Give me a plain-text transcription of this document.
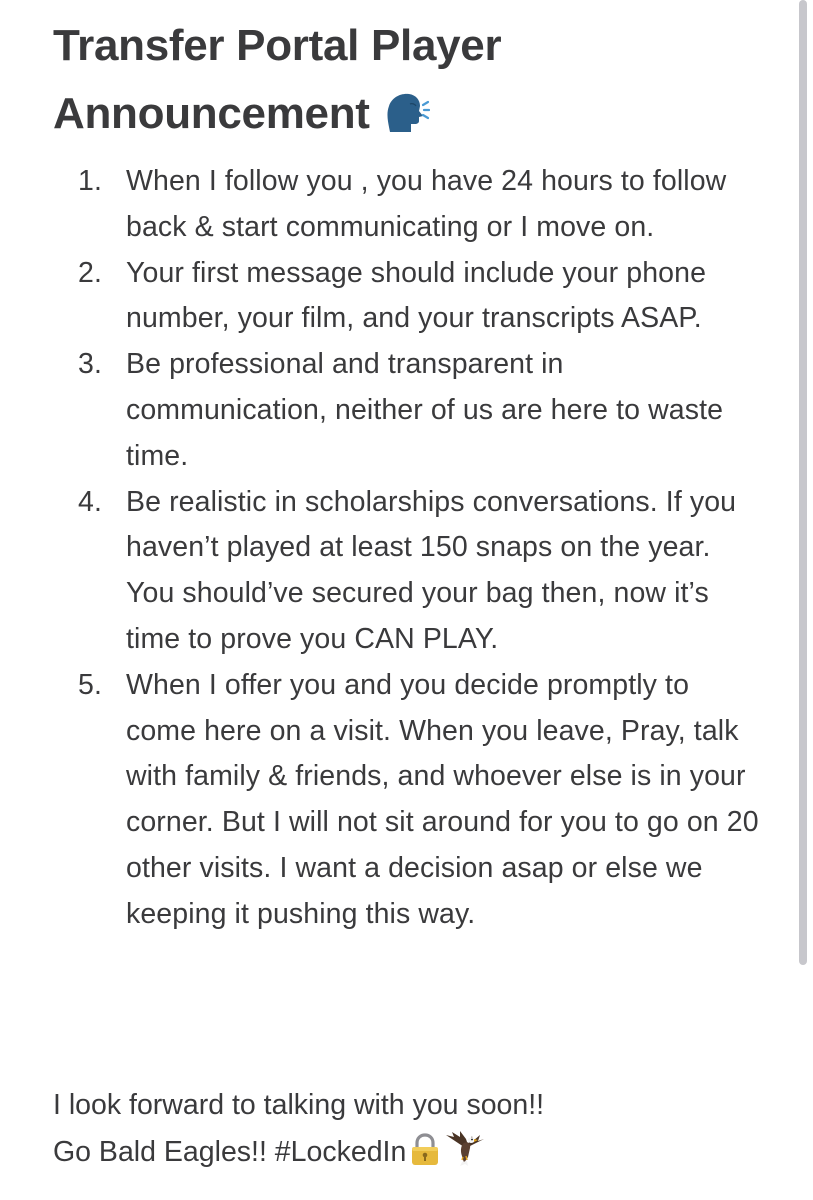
Transfer Portal Player Announcement
1. When I follow you , you have 24 hours to follow back & start communicating or I move on.
2. Your first message should include your phone number, your film, and your transcripts ASAP.
3. Be professional and transparent in communication, neither of us are here to waste time.
4. Be realistic in scholarships conversations. If you haven’t played at least 150 snaps on the year. You should’ve secured your bag then, now it’s time to prove you CAN PLAY.
5. When I offer you and you decide promptly to come here on a visit. When you leave, Pray, talk with family & friends, and whoever else is in your corner. But I will not sit around for you to go on 20 other visits. I want a decision asap or else we keeping it pushing this way.
I look forward to talking with you soon!!
Go Bald Eagles!! #LockedIn
